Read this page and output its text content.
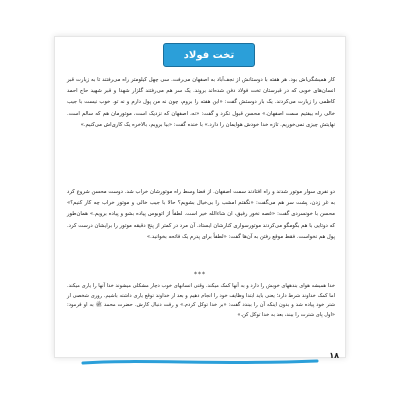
تخت فولاد

کار همیشگی‌اش بود. هر هفته با دوستانش از نجف‌آباد به اصفهان می‌رفت. سی چهل کیلومتر راه می‌رفتند تا به زیارت قبر انسان‌های خوبی که در قبرستان تخت فولاد دفن شده‌اند بروند. یک سر هم می‌رفتند گلزار شهدا و قبر شهید حاج احمد کاظمی را زیارت می‌کردند. یک بار دوستش گفت: «این هفته را بروم، چون نه من پول دارم و نه تو. خوب نیست با جیب خالی راه بیفتیم سمت اصفهان.» محسن قبول نکرد و گفت: «نه، اصفهان که نزدیک است، موتورمان هم که سالم است. نهایتش چیزی نمی‌خوریم. تازه خدا خودش هوایمان را دارد.» با خنده گفت: «بیا برویم، بالاخره یک کاری‌اش می‌کنیم.»

دو نفری سوار موتور شدند و راه افتادند سمت اصفهان. از فضا وسط راه موتورشان خراب شد. دوست محسن شروع کرد به غر زدن، پشت سر هم می‌گفت: «نگفتم امشب را بی‌خیال بشویم؟ حالا با جیب خالی و موتور خراب چه کار کنیم؟» محسن با خونسردی گفت: «غصه نخور رفیق، ان شاءالله خیر است. لطفاً از اتوبوس پیاده بشو و پیاده برویم.» همان‌طور که دوتایی با هم بگومگو می‌کردند موتورسواری کنارشان ایستاد. آن مرد در کمتر از پنج دقیقه موتور را برایشان درست کرد. پول هم نخواست. فقط موقع رفتن به آن‌ها گفت: «لطفاً برای پدرم یک فاتحه بخوانید.»

***

خدا همیشه هوای بندههای خوبش را دارد و به آنها کمک میکند. وقتی انسانهای خوب دچار مشکلی میشوند خدا آنها را یاری میکند. اما کمک خداوند شرط دارد؛ یعنی باید ابتدا وظایف خود را انجام دهیم و بعد از خداوند توقع یاری داشته باشیم. روزی شخصی از شتر خود پیاده شد و بدون اینکه آن را ببندد گفت: «بر خدا توکل کردم.» و رفت دنبال کارش. حضرت محمد ﷺ به او فرمود: «اول پای شترت را ببند، بعد به خدا توکل کن.»

۱۸
